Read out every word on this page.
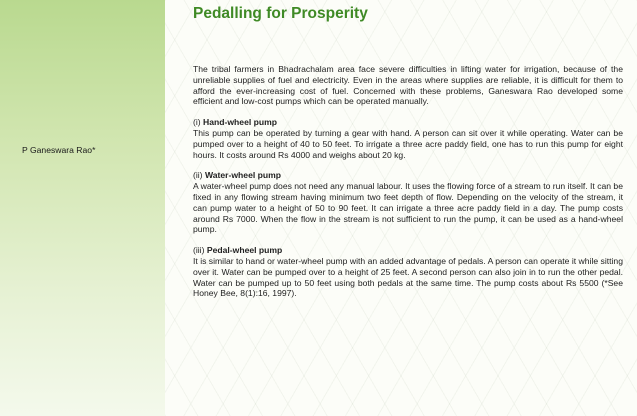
P Ganeswara Rao*
Pedalling for Prosperity

The tribal farmers in Bhadrachalam area face severe difficulties in lifting water for irrigation, because of the unreliable supplies of fuel and electricity. Even in the areas where supplies are reliable, it is difficult for them to afford the ever-increasing cost of fuel. Concerned with these problems, Ganeswara Rao developed some efficient and low-cost pumps which can be operated manually.

(i) Hand-wheel pump
This pump can be operated by turning a gear with hand. A person can sit over it while operating. Water can be pumped over to a height of 40 to 50 feet. To irrigate a three acre paddy field, one has to run this pump for eight hours. It costs around Rs 4000 and weighs about 20 kg.

(ii) Water-wheel pump
A water-wheel pump does not need any manual labour. It uses the flowing force of a stream to run itself. It can be fixed in any flowing stream having minimum two feet depth of flow. Depending on the velocity of the stream, it can pump water to a height of 50 to 90 feet. It can irrigate a three acre paddy field in a day. The pump costs around Rs 7000. When the flow in the stream is not sufficient to run the pump, it can be used as a hand-wheel pump.

(iii) Pedal-wheel pump
It is similar to hand or water-wheel pump with an added advantage of pedals. A person can operate it while sitting over it. Water can be pumped over to a height of 25 feet. A second person can also join in to run the other pedal. Water can be pumped up to 50 feet using both pedals at the same time. The pump costs about Rs 5500 (*See Honey Bee, 8(1):16, 1997).
